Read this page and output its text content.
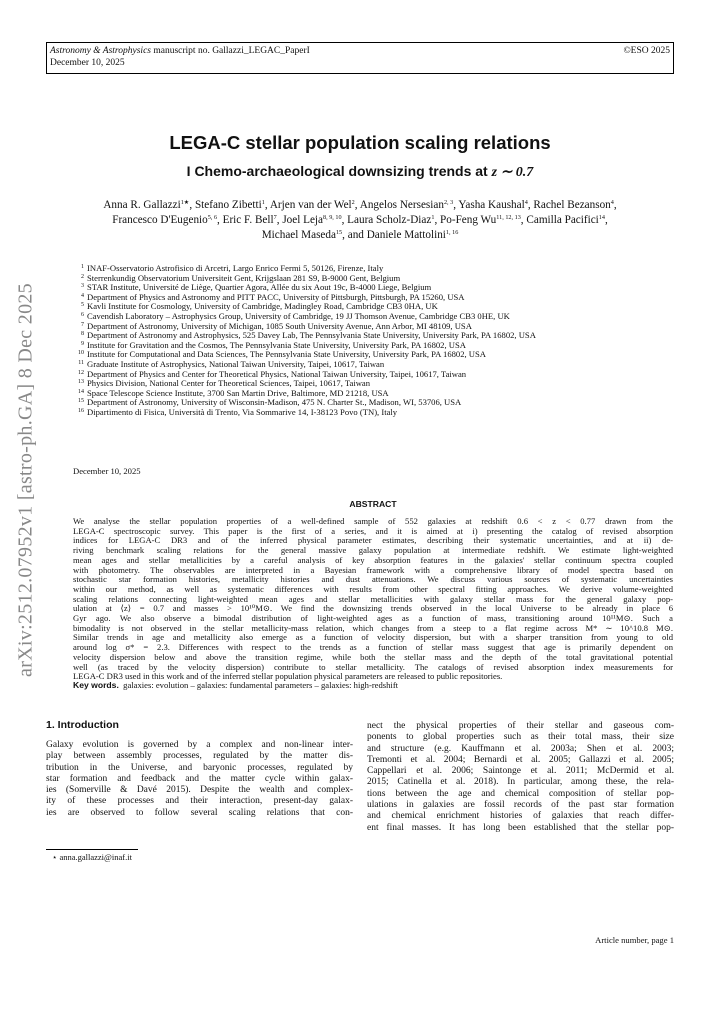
Astronomy & Astrophysics manuscript no. Gallazzi_LEGAC_PaperI	©ESO 2025
December 10, 2025
arXiv:2512.07952v1 [astro-ph.GA] 8 Dec 2025
LEGA-C stellar population scaling relations
I Chemo-archaeological downsizing trends at z ∼ 0.7
Anna R. Gallazzi$^{1★}$, Stefano Zibetti$^1$, Arjen van der Wel$^2$, Angelos Nersesian$^{2, 3}$, Yasha Kaushal$^4$, Rachel Bezanson$^4$,
Francesco D'Eugenio$^{5, 6}$, Eric F. Bell$^7$, Joel Leja$^{8, 9, 10}$, Laura Scholz-Diaz$^1$, Po-Feng Wu$^{11, 12, 13}$, Camilla Pacifici$^{14}$,
Michael Maseda$^{15}$, and Daniele Mattolini$^{1, 16}$
1 INAF-Osservatorio Astrofisico di Arcetri, Largo Enrico Fermi 5, 50126, Firenze, Italy
2 Sterrenkundig Observatorium Universiteit Gent, Krijgslaan 281 S9, B-9000 Gent, Belgium
3 STAR Institute, Université de Liège, Quartier Agora, Allée du six Aout 19c, B-4000 Liege, Belgium
4 Department of Physics and Astronomy and PITT PACC, University of Pittsburgh, Pittsburgh, PA 15260, USA
5 Kavli Institute for Cosmology, University of Cambridge, Madingley Road, Cambridge CB3 0HA, UK
6 Cavendish Laboratory – Astrophysics Group, University of Cambridge, 19 JJ Thomson Avenue, Cambridge CB3 0HE, UK
7 Department of Astronomy, University of Michigan, 1085 South University Avenue, Ann Arbor, MI 48109, USA
8 Department of Astronomy and Astrophysics, 525 Davey Lab, The Pennsylvania State University, University Park, PA 16802, USA
9 Institute for Gravitation and the Cosmos, The Pennsylvania State University, University Park, PA 16802, USA
10 Institute for Computational and Data Sciences, The Pennsylvania State University, University Park, PA 16802, USA
11 Graduate Institute of Astrophysics, National Taiwan University, Taipei, 10617, Taiwan
12 Department of Physics and Center for Theoretical Physics, National Taiwan University, Taipei, 10617, Taiwan
13 Physics Division, National Center for Theoretical Sciences, Taipei, 10617, Taiwan
14 Space Telescope Science Institute, 3700 San Martin Drive, Baltimore, MD 21218, USA
15 Department of Astronomy, University of Wisconsin-Madison, 475 N. Charter St., Madison, WI, 53706, USA
16 Dipartimento di Fisica, Università di Trento, Via Sommarive 14, I-38123 Povo (TN), Italy
December 10, 2025
ABSTRACT
We analyse the stellar population properties of a well-defined sample of 552 galaxies at redshift 0.6 < z < 0.77 drawn from the
LEGA-C spectroscopic survey. This paper is the first of a series, and it is aimed at i) presenting the catalog of revised absorption
indices for LEGA-C DR3 and of the inferred physical parameter estimates, describing their systematic uncertainties, and at ii) de-
riving benchmark scaling relations for the general massive galaxy population at intermediate redshift. We estimate light-weighted
mean ages and stellar metallicities by a careful analysis of key absorption features in the galaxies' stellar continuum spectra coupled
with photometry. The observables are interpreted in a Bayesian framework with a comprehensive library of model spectra based on
stochastic star formation histories, metallicity histories and dust attenuations. We discuss various sources of systematic uncertainties
within our method, as well as systematic differences with results from other spectral fitting approaches. We derive volume-weighted
scaling relations connecting light-weighted mean ages and stellar metallicities with galaxy stellar mass for the general galaxy pop-
ulation at ⟨z⟩ = 0.7 and masses > 10¹⁰M⊙. We find the downsizing trends observed in the local Universe to be already in place 6
Gyr ago. We also observe a bimodal distribution of light-weighted ages as a function of mass, transitioning around 10¹¹M⊙. Such a
bimodality is not observed in the stellar metallicity-mass relation, which changes from a steep to a flat regime across M* ∼ 10^10.8 M⊙.
Similar trends in age and metallicity also emerge as a function of velocity dispersion, but with a sharper transition from young to old
around log σ* = 2.3. Differences with respect to the trends as a function of stellar mass suggest that age is primarily dependent on
velocity dispersion below and above the transition regime, while both the stellar mass and the depth of the total gravitational potential
well (as traced by the velocity dispersion) contribute to stellar metallicity. The catalogs of revised absorption index measurements for
LEGA-C DR3 used in this work and of the inferred stellar population physical parameters are released to public repositories.
Key words. galaxies: evolution – galaxies: fundamental parameters – galaxies: high-redshift
1. Introduction
Galaxy evolution is governed by a complex and non-linear inter-
play between assembly processes, regulated by the matter dis-
tribution in the Universe, and baryonic processes, regulated by
star formation and feedback and the matter cycle within galax-
ies (Somerville & Davé 2015). Despite the wealth and complex-
ity of these processes and their interaction, present-day galax-
ies are observed to follow several scaling relations that con-
nect the physical properties of their stellar and gaseous com-
ponents to global properties such as their total mass, their size
and structure (e.g. Kauffmann et al. 2003a; Shen et al. 2003;
Tremonti et al. 2004; Bernardi et al. 2005; Gallazzi et al. 2005;
Cappellari et al. 2006; Saintonge et al. 2011; McDermid et al.
2015; Catinella et al. 2018). In particular, among these, the rela-
tions between the age and chemical composition of stellar pop-
ulations in galaxies are fossil records of the past star formation
and chemical enrichment histories of galaxies that reach differ-
ent final masses. It has long been established that the stellar pop-
⋆ anna.gallazzi@inaf.it
Article number, page 1
